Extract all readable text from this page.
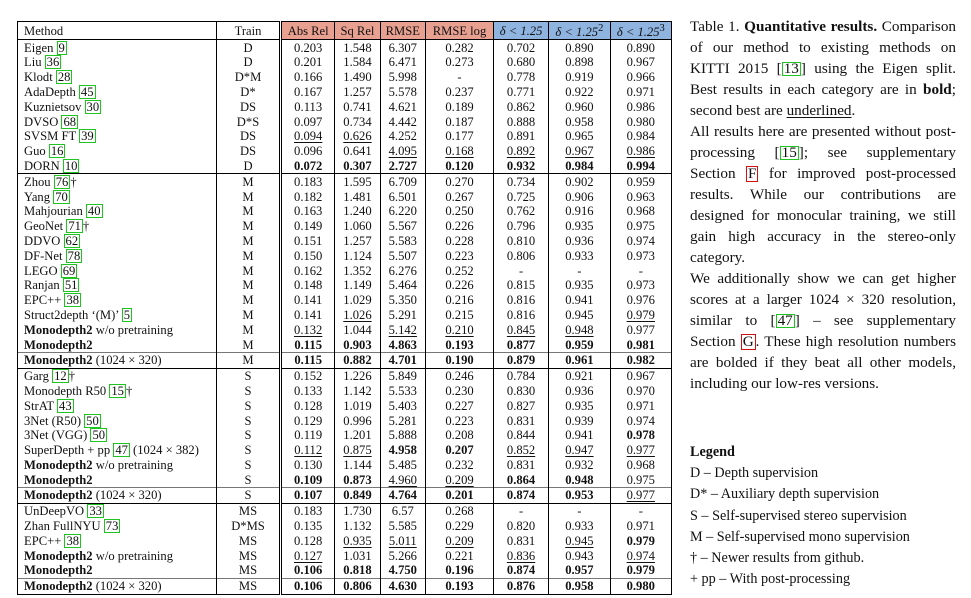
Method	Train	Abs Rel	Sq Rel	RMSE	RMSE log	δ < 1.25	$\delta < 1.25^2$	$\delta < 1.25^3$
Eigen 9	D	0.203	1.548	6.307	0.282	0.702	0.890	0.890
Liu 36	D	0.201	1.584	6.471	0.273	0.680	0.898	0.967
Klodt 28	D*M	0.166	1.490	5.998	-	0.778	0.919	0.966
AdaDepth 45	D*	0.167	1.257	5.578	0.237	0.771	0.922	0.971
Kuznietsov 30	DS	0.113	0.741	4.621	0.189	0.862	0.960	0.986
DVSO 68	D*S	0.097	0.734	4.442	0.187	0.888	0.958	0.980
SVSM FT 39	DS	0.094	0.626	4.252	0.177	0.891	0.965	0.984
Guo 16	DS	0.096	0.641	4.095	0.168	0.892	0.967	0.986
DORN 10	D	0.072	0.307	2.727	0.120	0.932	0.984	0.994
Zhou 76 †	M	0.183	1.595	6.709	0.270	0.734	0.902	0.959
Yang 70	M	0.182	1.481	6.501	0.267	0.725	0.906	0.963
Mahjourian 40	M	0.163	1.240	6.220	0.250	0.762	0.916	0.968
GeoNet 71 †	M	0.149	1.060	5.567	0.226	0.796	0.935	0.975
DDVO 62	M	0.151	1.257	5.583	0.228	0.810	0.936	0.974
DF-Net 78	M	0.150	1.124	5.507	0.223	0.806	0.933	0.973
LEGO 69	M	0.162	1.352	6.276	0.252	-	-	-
Ranjan 51	M	0.148	1.149	5.464	0.226	0.815	0.935	0.973
EPC++ 38	M	0.141	1.029	5.350	0.216	0.816	0.941	0.976
Struct2depth ‘(M)’ 5	M	0.141	1.026	5.291	0.215	0.816	0.945	0.979
Monodepth2 w/o pretraining	M	0.132	1.044	5.142	0.210	0.845	0.948	0.977
Monodepth2	M	0.115	0.903	4.863	0.193	0.877	0.959	0.981
Monodepth2 (1024 × 320)	M	0.115	0.882	4.701	0.190	0.879	0.961	0.982
Garg 12 †	S	0.152	1.226	5.849	0.246	0.784	0.921	0.967
Monodepth R50 15 †	S	0.133	1.142	5.533	0.230	0.830	0.936	0.970
StrAT 43	S	0.128	1.019	5.403	0.227	0.827	0.935	0.971
3Net (R50) 50	S	0.129	0.996	5.281	0.223	0.831	0.939	0.974
3Net (VGG) 50	S	0.119	1.201	5.888	0.208	0.844	0.941	0.978
SuperDepth + pp 47 (1024 × 382)	S	0.112	0.875	4.958	0.207	0.852	0.947	0.977
Monodepth2 w/o pretraining	S	0.130	1.144	5.485	0.232	0.831	0.932	0.968
Monodepth2	S	0.109	0.873	4.960	0.209	0.864	0.948	0.975
Monodepth2 (1024 × 320)	S	0.107	0.849	4.764	0.201	0.874	0.953	0.977
UnDeepVO 33	MS	0.183	1.730	6.57	0.268	-	-	-
Zhan FullNYU 73	D*MS	0.135	1.132	5.585	0.229	0.820	0.933	0.971
EPC++ 38	MS	0.128	0.935	5.011	0.209	0.831	0.945	0.979
Monodepth2 w/o pretraining	MS	0.127	1.031	5.266	0.221	0.836	0.943	0.974
Monodepth2	MS	0.106	0.818	4.750	0.196	0.874	0.957	0.979
Monodepth2 (1024 × 320)	MS	0.106	0.806	4.630	0.193	0.876	0.958	0.980

Table 1. Quantitative results. Comparison of our method to existing methods on KITTI 2015 [ 13 ] using the Eigen split. Best results in each category are in bold; second best are underlined.

All results here are presented without post-processing [ 15 ]; see supplementary Section F for improved post-processed results. While our contributions are designed for monocular training, we still gain high accuracy in the stereo-only category.

We additionally show we can get higher scores at a larger 1024 × 320 resolution, similar to [ 47 ] – see supplementary Section G . These high resolution numbers are bolded if they beat all other models, including our low-res versions.

Legend
D – Depth supervision
D* – Auxiliary depth supervision
S – Self-supervised stereo supervision
M – Self-supervised mono supervision
† – Newer results from github.
+ pp – With post-processing
